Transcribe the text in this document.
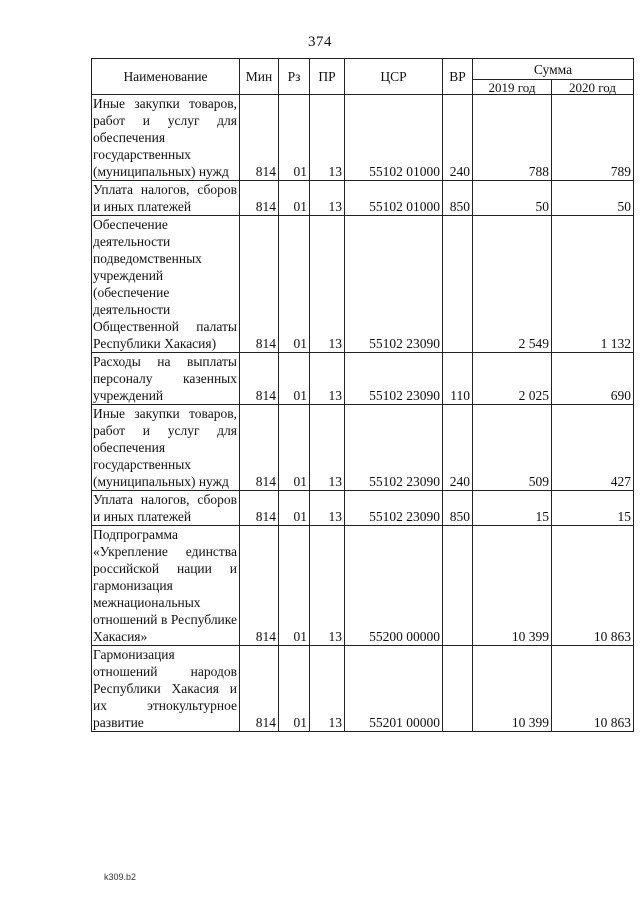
374
Наименование	Мин	Рз	ПР	ЦСР	ВР	Сумма	
						2019 год	2020 год
Иные закупки товаров, работ и услуг для обеспечения государственных (муниципальных) нужд	814	01	13	55102 01000	240	788	789
Уплата налогов, сборов и иных платежей	814	01	13	55102 01000	850	50	50
Обеспечение деятельности подведомственных учреждений (обеспечение деятельности Общественной палаты Республики Хакасия)	814	01	13	55102 23090		2 549	1 132
Расходы на выплаты персоналу казенных учреждений	814	01	13	55102 23090	110	2 025	690
Иные закупки товаров, работ и услуг для обеспечения государственных (муниципальных) нужд	814	01	13	55102 23090	240	509	427
Уплата налогов, сборов и иных платежей	814	01	13	55102 23090	850	15	15
Подпрограмма «Укрепление единства российской нации и гармонизация межнациональных отношений в Республике Хакасия»	814	01	13	55200 00000		10 399	10 863
Гармонизация отношений народов Республики Хакасия и их этнокультурное развитие	814	01	13	55201 00000		10 399	10 863
k309.b2
